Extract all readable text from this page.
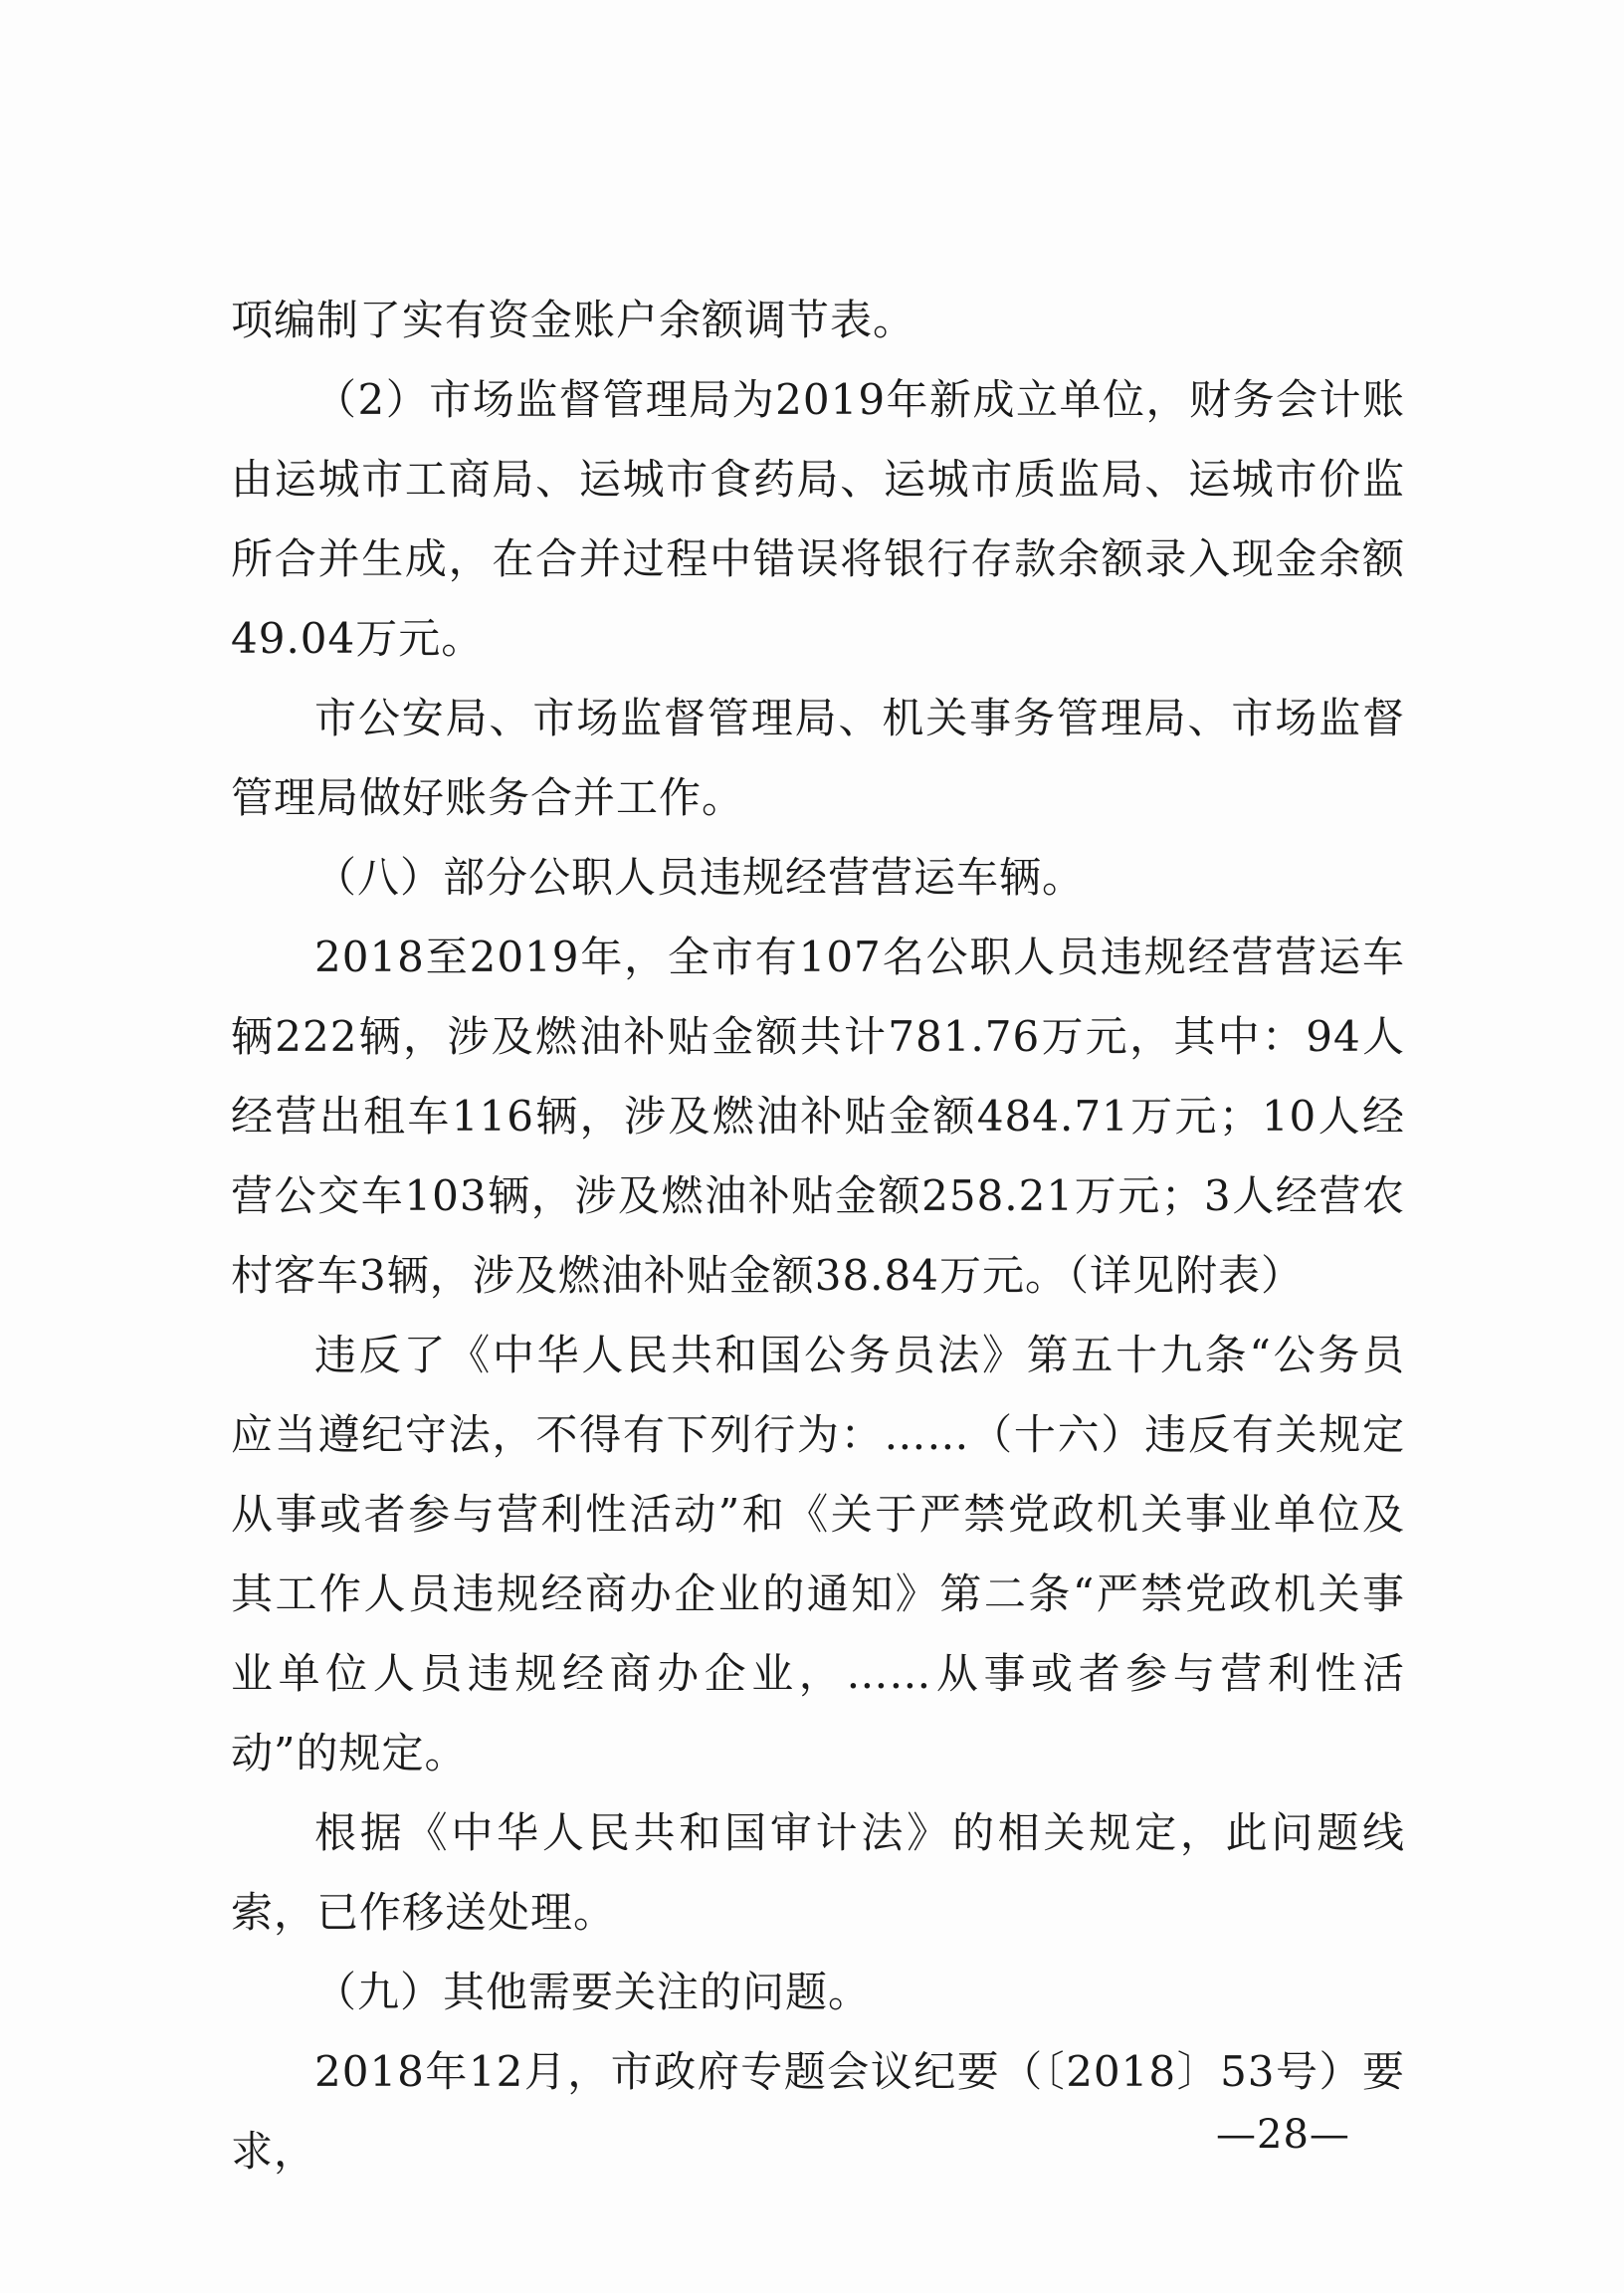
项编制了实有资金账户余额调节表。

（2）市场监督管理局为2019年新成立单位，财务会计账由运城市工商局、运城市食药局、运城市质监局、运城市价监所合并生成，在合并过程中错误将银行存款余额录入现金余额49.04万元。

市公安局、市场监督管理局、机关事务管理局、市场监督管理局做好账务合并工作。

（八）部分公职人员违规经营营运车辆。

2018至2019年，全市有107名公职人员违规经营营运车辆222辆，涉及燃油补贴金额共计781.76万元，其中：94人经营出租车116辆，涉及燃油补贴金额484.71万元；10人经营公交车103辆，涉及燃油补贴金额258.21万元；3人经营农村客车3辆，涉及燃油补贴金额38.84万元。（详见附表）

违反了《中华人民共和国公务员法》第五十九条“公务员应当遵纪守法，不得有下列行为：……（十六）违反有关规定从事或者参与营利性活动”和《关于严禁党政机关事业单位及其工作人员违规经商办企业的通知》第二条“严禁党政机关事业单位人员违规经商办企业，……从事或者参与营利性活动”的规定。

根据《中华人民共和国审计法》的相关规定，此问题线索，已作移送处理。

（九）其他需要关注的问题。

2018年12月，市政府专题会议纪要（〔2018〕53号）要求，	—28—
